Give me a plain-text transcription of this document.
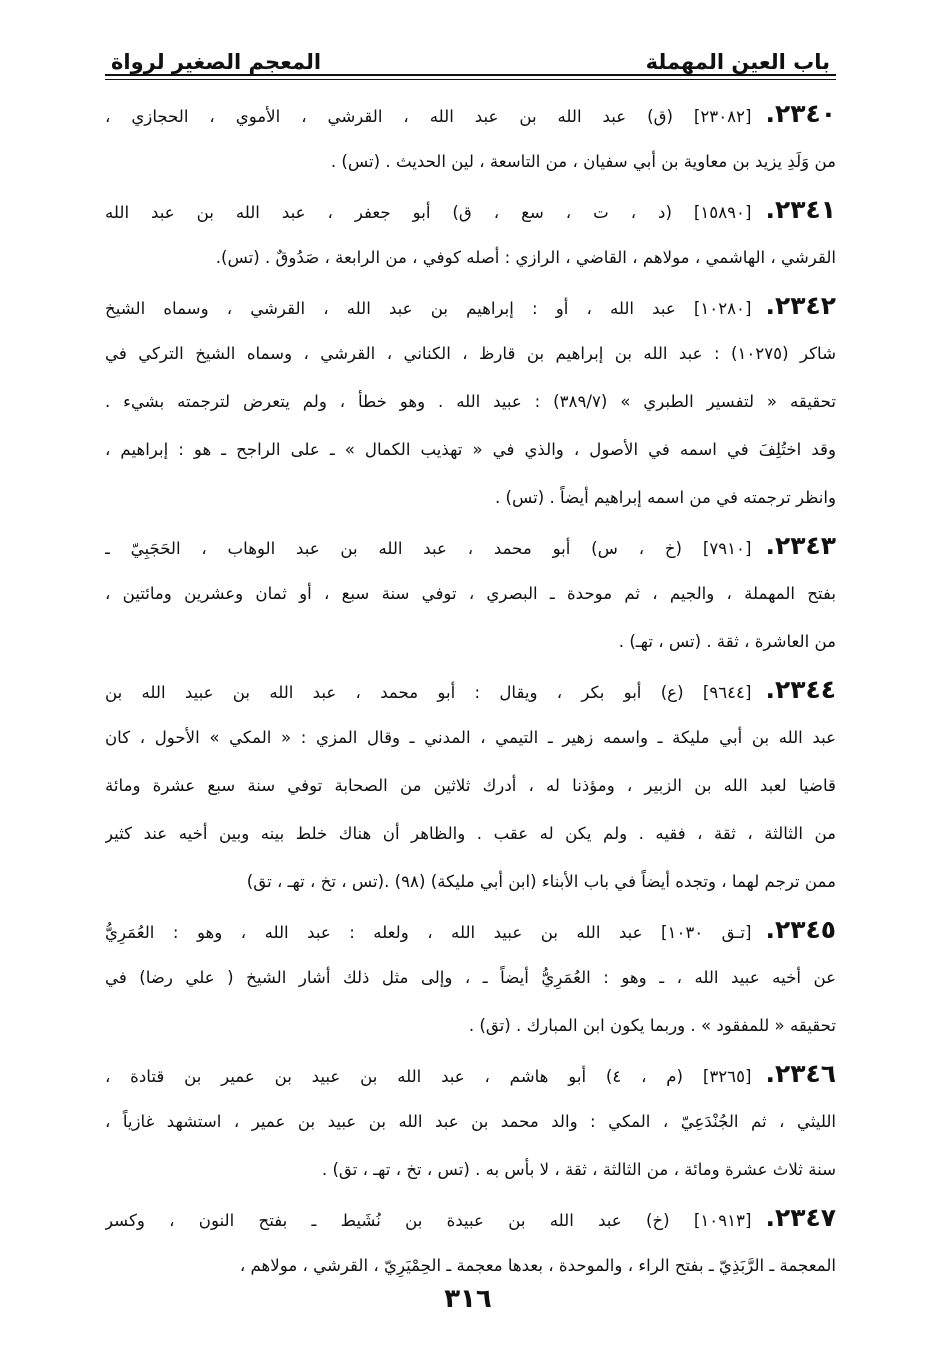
باب العين المهملة
المعجم الصغير لرواة
٢٣٤٠.[٢٣٠٨٢] (ق) عبد الله بن عبد الله ، القرشي ، الأموي ، الحجازي ،
من وَلَدِ يزيد بن معاوية بن أبي سفيان ، من التاسعة ، لين الحديث . (تس) .
٢٣٤١.[١٥٨٩٠] (د ، ت ، سع ، ق) أبو جعفر ، عبد الله بن عبد الله
القرشي ، الهاشمي ، مولاهم ، القاضي ، الرازي : أصله كوفي ، من الرابعة ، صَدُوقٌ . (تس).
٢٣٤٢.[١٠٢٨٠] عبد الله ، أو : إبراهيم بن عبد الله ، القرشي ، وسماه الشيخ
شاكر (١٠٢٧٥) : عبد الله بن إبراهيم بن قارظ ، الكناني ، القرشي ، وسماه الشيخ التركي في
تحقيقه « لتفسير الطبري » (٣٨٩/٧) : عبيد الله . وهو خطأ ، ولم يتعرض لترجمته بشيء .
وقد اختُلِفَ في اسمه في الأصول ، والذي في « تهذيب الكمال » ـ على الراجح ـ هو : إبراهيم ،
وانظر ترجمته في من اسمه إبراهيم أيضاً . (تس) .
٢٣٤٣.[٧٩١٠] (خ ، س) أبو محمد ، عبد الله بن عبد الوهاب ، الحَجَبِيّ ـ
بفتح المهملة ، والجيم ، ثم موحدة ـ البصري ، توفي سنة سبع ، أو ثمان وعشرين ومائتين ،
من العاشرة ، ثقة . (تس ، تهـ) .
٢٣٤٤.[٩٦٤٤] (ع) أبو بكر ، ويقال : أبو محمد ، عبد الله بن عبيد الله بن
عبد الله بن أبي مليكة ـ واسمه زهير ـ التيمي ، المدني ـ وقال المزي : « المكي » الأحول ، كان
قاضيا لعبد الله بن الزبير ، ومؤذنا له ، أدرك ثلاثين من الصحابة توفي سنة سبع عشرة ومائة
من الثالثة ، ثقة ، فقيه . ولم يكن له عقب . والظاهر أن هناك خلط بينه وبين أخيه عند كثير
ممن ترجم لهما ، وتجده أيضاً في باب الأبناء (ابن أبي مليكة) (٩٨) .(تس ، تخ ، تهـ ، تق)
٢٣٤٥.[تـق ١٠٣٠] عبد الله بن عبيد الله ، ولعله : عبد الله ، وهو : العُمَرِيُّ
عن أخيه عبيد الله ، ـ وهو : العُمَرِيُّ أيضاً ـ ، وإلى مثل ذلك أشار الشيخ ( علي رضا) في
تحقيقه « للمفقود » . وربما يكون ابن المبارك . (تق) .
٢٣٤٦.[٣٢٦٥] (م ، ٤) أبو هاشم ، عبد الله بن عبيد بن عمير بن قتادة ،
الليثي ، ثم الجُنْدَعِيّ ، المكي : والد محمد بن عبد الله بن عبيد بن عمير ، استشهد غازياً ،
سنة ثلاث عشرة ومائة ، من الثالثة ، ثقة ، لا بأس به . (تس ، تخ ، تهـ ، تق) .
٢٣٤٧.[١٠٩١٣] (خ) عبد الله بن عبيدة بن نُشَيط ـ بفتح النون ، وكسر
المعجمة ـ الرَّبَذِيّ ـ بفتح الراء ، والموحدة ، بعدها معجمة ـ الحِمْيَرِيّ ، القرشي ، مولاهم ،
٣١٦
